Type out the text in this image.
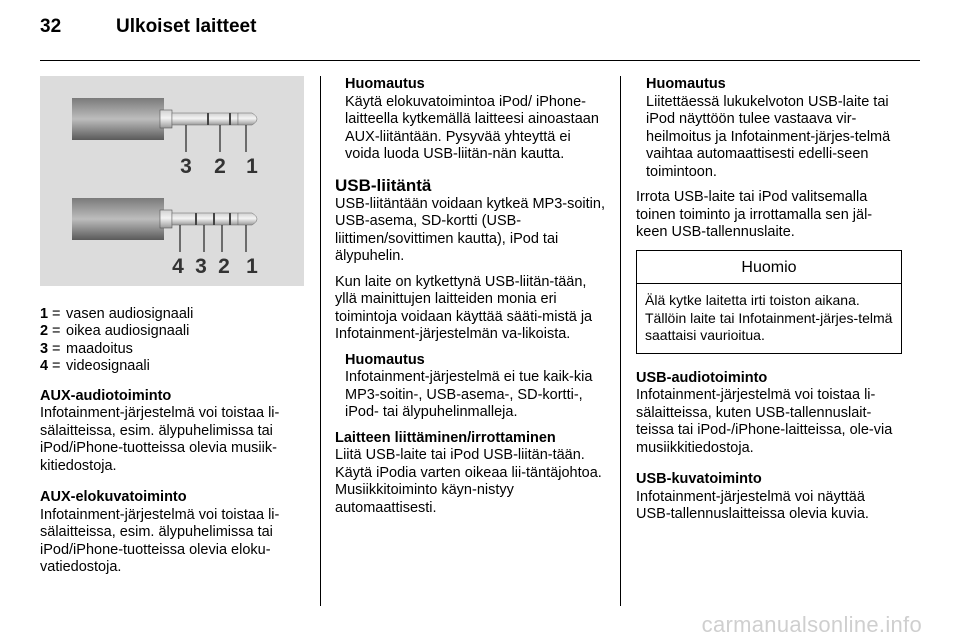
32	Ulkoiset laitteet
3 2 1
4 3 2 1
1 = vasen audiosignaali
2 = oikea audiosignaali
3 = maadoitus
4 = videosignaali
AUX-audiotoiminto

Infotainment-järjestelmä voi toistaa li-sälaitteissa, esim. älypuhelimissa tai iPod/iPhone-tuotteissa olevia musiik-kitiedostoja.

AUX-elokuvatoiminto

Infotainment-järjestelmä voi toistaa li-sälaitteissa, esim. älypuhelimissa tai iPod/iPhone-tuotteissa olevia eloku-vatiedostoja.

Huomautus
Käytä elokuvatoimintoa iPod/ iPhone-laitteella kytkemällä laitteesi ainoastaan AUX-liitäntään. Pysyvää yhteyttä ei voida luoda USB-liitän-nän kautta.
USB-liitäntä

USB-liitäntään voidaan kytkeä MP3-soitin, USB-asema, SD-kortti (USB-liittimen/sovittimen kautta), iPod tai älypuhelin.

Kun laite on kytkettynä USB-liitän-tään, yllä mainittujen laitteiden monia eri toimintoja voidaan käyttää sääti-mistä ja Infotainment-järjestelmän va-likoista.

Huomautus
Infotainment-järjestelmä ei tue kaik-kia MP3-soitin-, USB-asema-, SD-kortti-, iPod- tai älypuhelinmalleja.
Laitteen liittäminen/irrottaminen

Liitä USB-laite tai iPod USB-liitän-tään. Käytä iPodia varten oikeaa lii-täntäjohtoa. Musiikkitoiminto käyn-nistyy automaattisesti.

Huomautus
Liitettäessä lukukelvoton USB-laite tai iPod näyttöön tulee vastaava vir-heilmoitus ja Infotainment-järjes-telmä vaihtaa automaattisesti edelli-seen toimintoon.

Irrota USB-laite tai iPod valitsemalla toinen toiminto ja irrottamalla sen jäl-keen USB-tallennuslaite.

Huomio
Älä kytke laitetta irti toiston aikana. Tällöin laite tai Infotainment-järjes-telmä saattaisi vaurioitua.
USB-audiotoiminto

Infotainment-järjestelmä voi toistaa li-sälaitteissa, kuten USB-tallennuslait-teissa tai iPod-/iPhone-laitteissa, ole-via musiikkitiedostoja.

USB-kuvatoiminto

Infotainment-järjestelmä voi näyttää USB-tallennuslaitteissa olevia kuvia.

carmanualsonline.info
